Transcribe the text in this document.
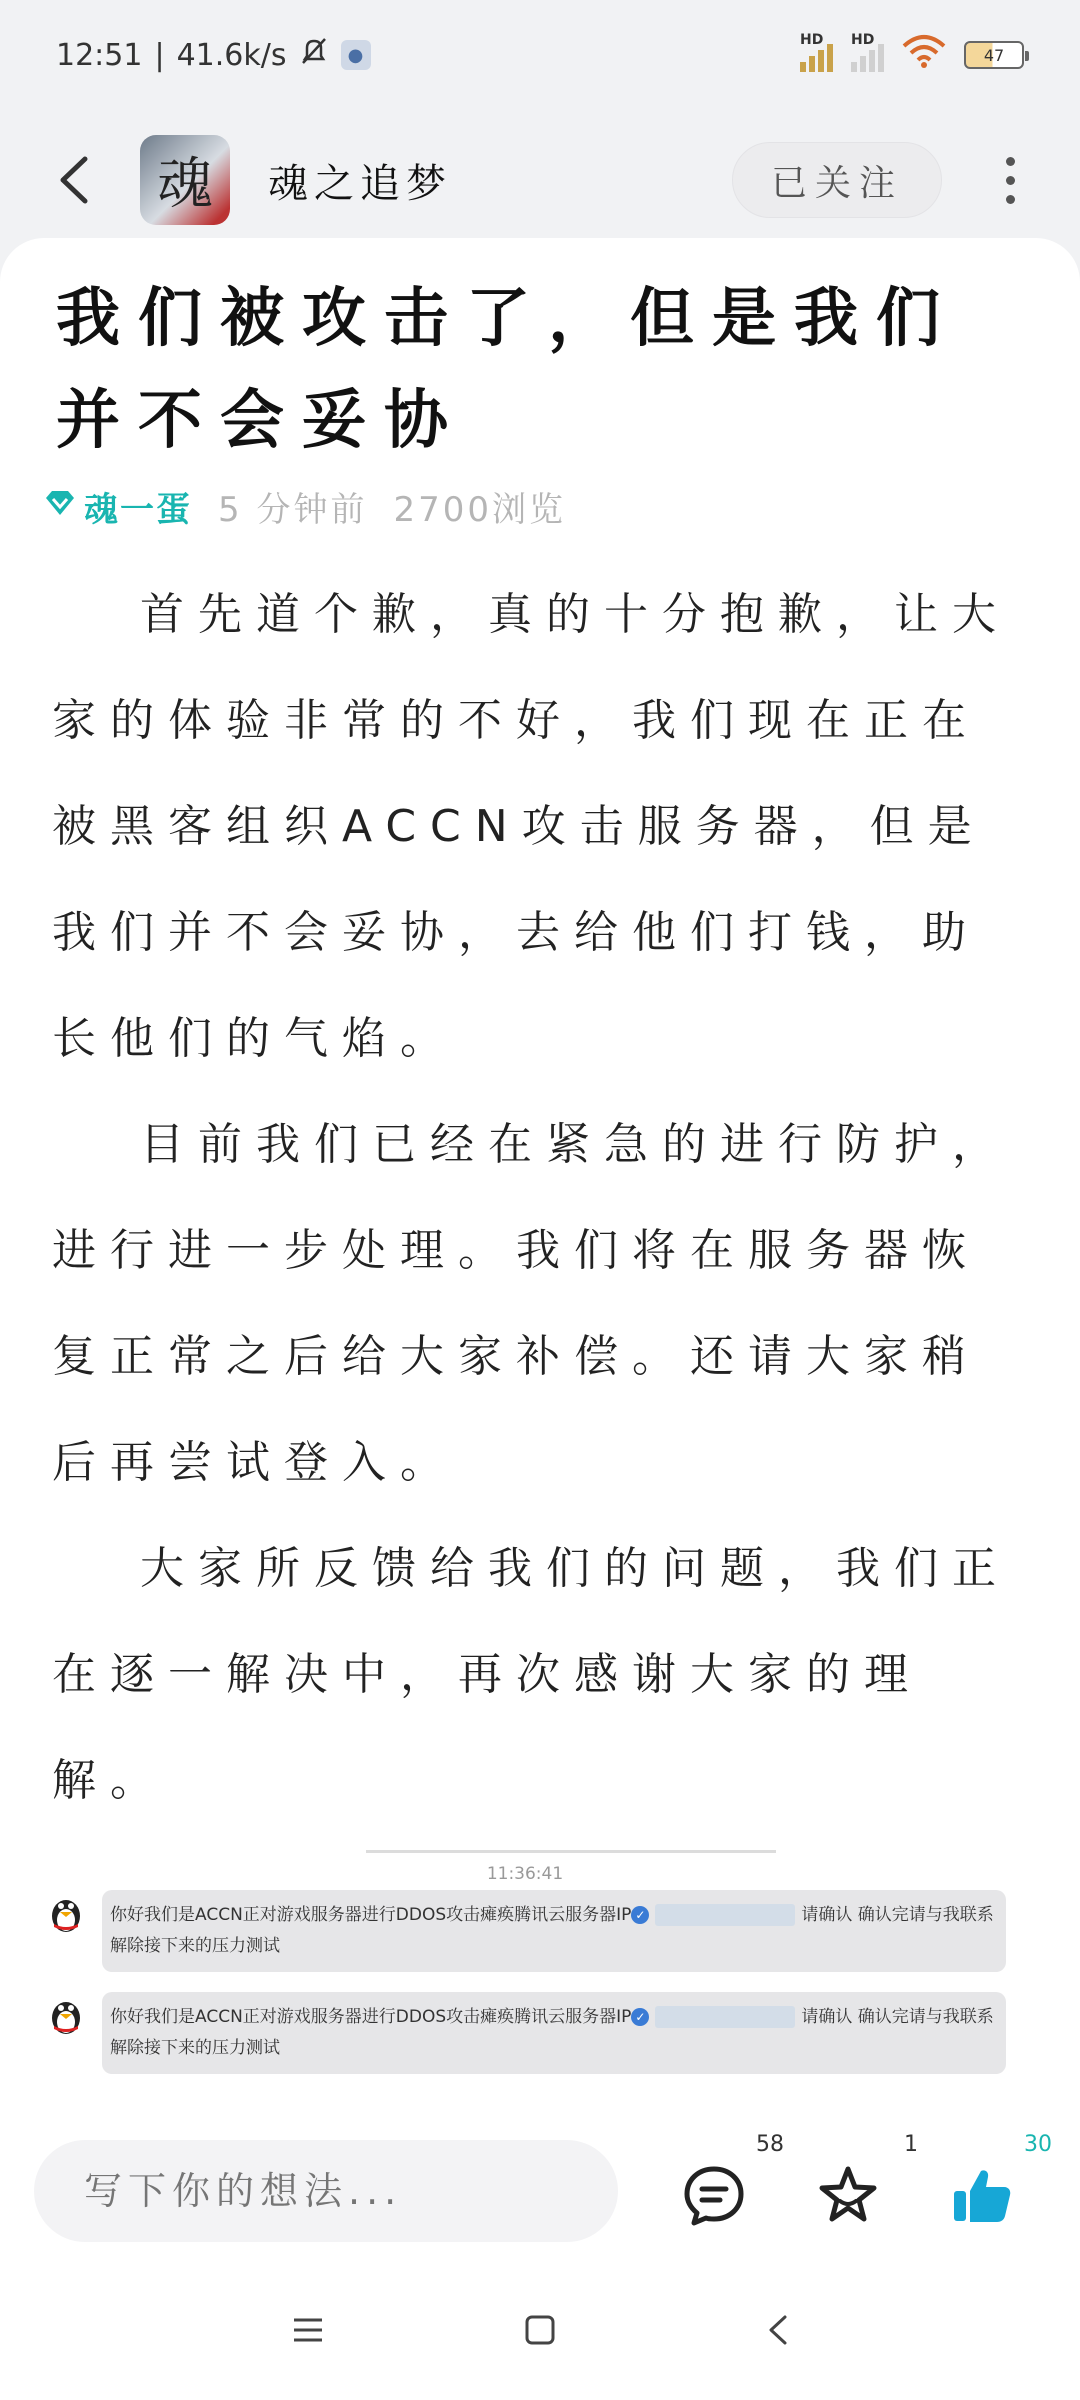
12:51 | 41.6k/s	●
HD HD
47
魂 魂之追梦	已关注
我们被攻击了，但是我们并不会妥协
魂一蛋 5 分钟前 2700浏览

首先道个歉，真的十分抱歉，让大家的体验非常的不好，我们现在正在被黑客组织ACCN攻击服务器，但是我们并不会妥协，去给他们打钱，助长他们的气焰。

目前我们已经在紧急的进行防护，进行进一步处理。我们将在服务器恢复正常之后给大家补偿。还请大家稍后再尝试登入。

大家所反馈给我们的问题，我们正在逐一解决中，再次感谢大家的理解。

11:36:41
你好我们是ACCN正对游戏服务器进行DDOS攻击瘫痪腾讯云服务器IP ✓	请确认 确认完请与我联系解除接下来的压力测试
你好我们是ACCN正对游戏服务器进行DDOS攻击瘫痪腾讯云服务器IP ✓	请确认 确认完请与我联系解除接下来的压力测试
写下你的想法...
58	1	30
